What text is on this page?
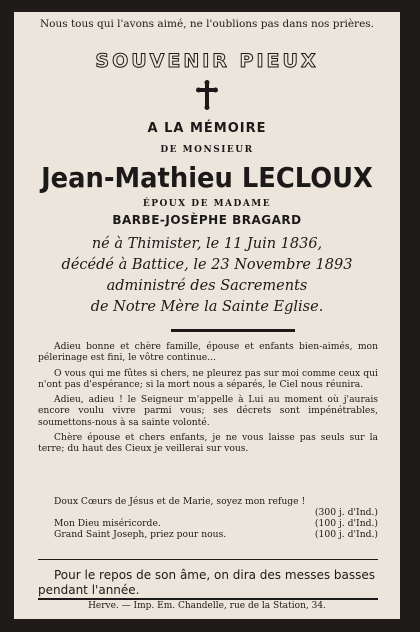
Nous tous qui l'avons aimé, ne l'oublions pas dans nos prières.
SOUVENIR PIEUX
A LA MÉMOIRE
DE MONSIEUR
Jean-Mathieu LECLOUX
ÉPOUX DE MADAME
BARBE-JOSÈPHE BRAGARD
né à Thimister, le 11 Juin 1836,
décédé à Battice, le 23 Novembre 1893
administré des Sacrements
de Notre Mère la Sainte Eglise.

Adieu bonne et chère famille, épouse et enfants bien-aimés, mon pélerinage est fini, le vôtre continue...

O vous qui me fûtes si chers, ne pleurez pas sur moi comme ceux qui n'ont pas d'espérance; si la mort nous a séparés, le Ciel nous réunira.

Adieu, adieu ! le Seigneur m'appelle à Lui au moment où j'aurais encore voulu vivre parmi vous; ses décrets sont impénétrables, soumettons-nous à sa sainte volonté.

Chère épouse et chers enfants, je ne vous laisse pas seuls sur la terre; du haut des Cieux je veillerai sur vous.

Doux Cœurs de Jésus et de Marie, soyez mon refuge !
(300 j. d'Ind.)
Mon Dieu miséricorde.	(100 j. d'Ind.)
Grand Saint Joseph, priez pour nous.	(100 j. d'Ind.)
Pour le repos de son âme, on dira des messes basses pendant l'année.
Herve. — Imp. Em. Chandelle, rue de la Station, 34.
